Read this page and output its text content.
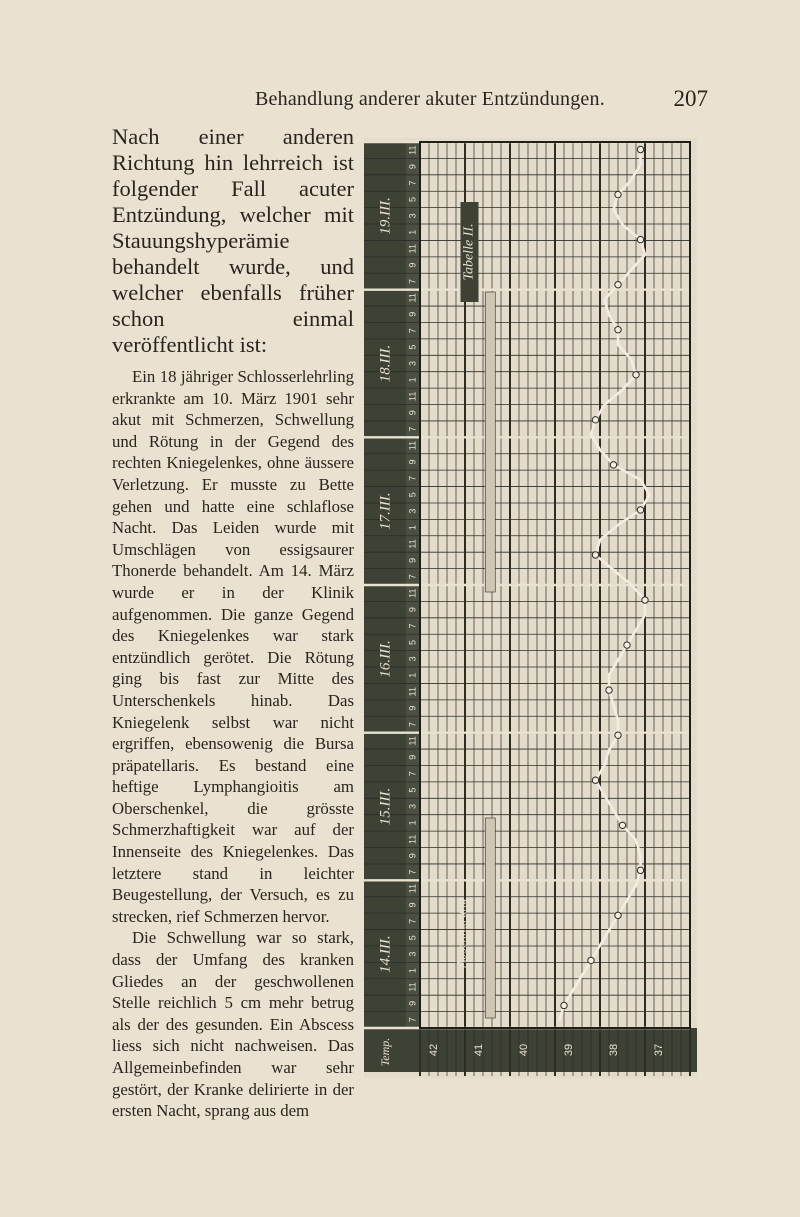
Behandlung anderer akuter Entzündungen.	207

Nach einer anderen Richtung hin lehrreich ist folgender Fall acuter Entzündung, welcher mit Stauungshyperämie behandelt wurde, und welcher ebenfalls früher schon einmal veröffentlicht ist:

Ein 18 jähriger Schlosserlehrling erkrankte am 10. März 1901 sehr akut mit Schmerzen, Schwellung und Rötung in der Gegend des rechten Kniegelenkes, ohne äussere Verletzung. Er musste zu Bette gehen und hatte eine schlaflose Nacht. Das Leiden wurde mit Umschlägen von essigsaurer Thonerde behandelt. Am 14. März wurde er in der Klinik aufgenommen. Die ganze Gegend des Kniegelenkes war stark entzündlich gerötet. Die Rötung ging bis fast zur Mitte des Unterschenkels hinab. Das Kniegelenk selbst war nicht ergriffen, ebensowenig die Bursa präpatellaris. Es bestand eine heftige Lymphangioitis am Oberschenkel, die grösste Schmerzhaftigkeit war auf der Innenseite des Kniegelenkes. Das letztere stand in leichter Beugestellung, der Versuch, es zu strecken, rief Schmerzen hervor.

Die Schwellung war so stark, dass der Umfang des kranken Gliedes an der geschwollenen Stelle reichlich 5 cm mehr betrug als der des gesunden. Ein Abscess liess sich nicht nachweisen. Das Allgemeinbefinden war sehr gestört, der Kranke delirierte in der ersten Nacht, sprang aus dem

7
9
11
1
3
5
7
9
11
7
9
11
1
3
5
7
9
11
7
9
11
1
3
5
7
9
11
7
9
11
1
3
5
7
9
11
7
9
11
1
3
5
7
9
11
7
9
11
1
3
5
7
9
11
14.III.
15.III.
16.III.
17.III.
18.III.
19.III.
42	41	40	39	38	37	36
Temp.
Abschnürung
Tabelle II.
